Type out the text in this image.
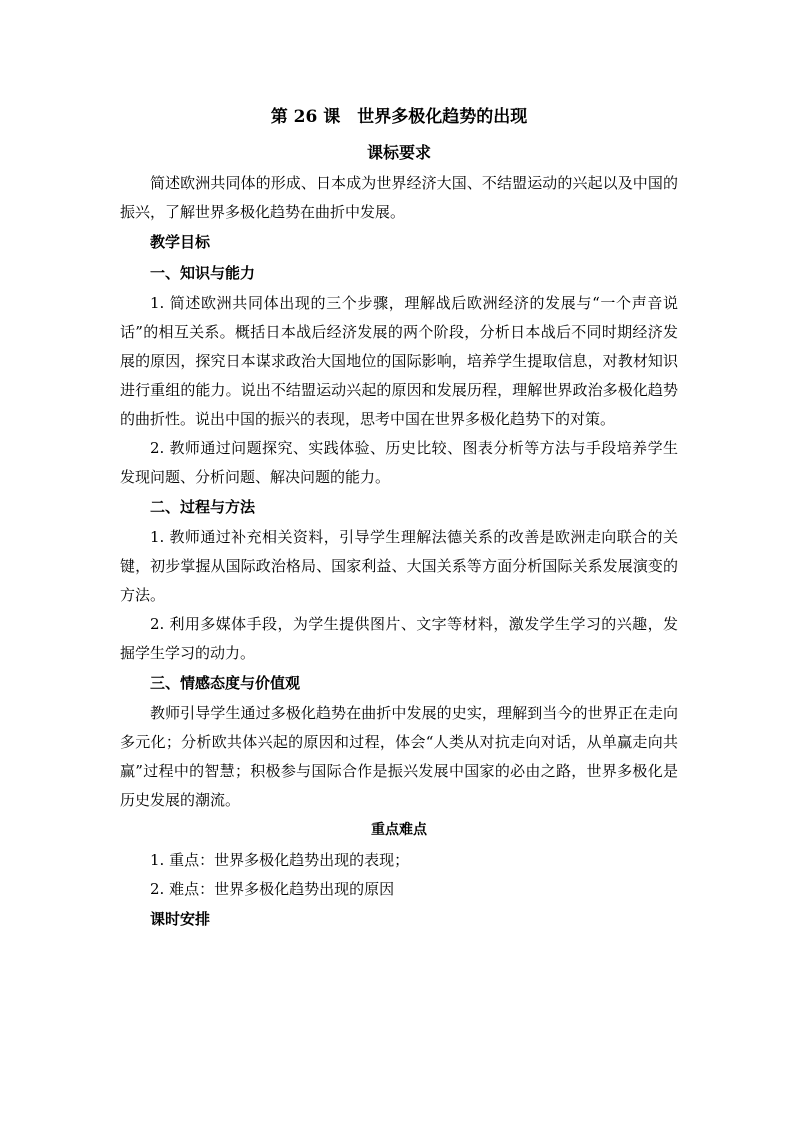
第 26 课　世界多极化趋势的出现
课标要求
简述欧洲共同体的形成、日本成为世界经济大国、不结盟运动的兴起以及中国的振兴，了解世界多极化趋势在曲折中发展。
教学目标
一、知识与能力
1. 简述欧洲共同体出现的三个步骤，理解战后欧洲经济的发展与“一个声音说话”的相互关系。概括日本战后经济发展的两个阶段，分析日本战后不同时期经济发展的原因，探究日本谋求政治大国地位的国际影响，培养学生提取信息，对教材知识进行重组的能力。说出不结盟运动兴起的原因和发展历程，理解世界政治多极化趋势的曲折性。说出中国的振兴的表现，思考中国在世界多极化趋势下的对策。
2. 教师通过问题探究、实践体验、历史比较、图表分析等方法与手段培养学生发现问题、分析问题、解决问题的能力。
二、过程与方法
1. 教师通过补充相关资料，引导学生理解法德关系的改善是欧洲走向联合的关键，初步掌握从国际政治格局、国家利益、大国关系等方面分析国际关系发展演变的方法。
2. 利用多媒体手段，为学生提供图片、文字等材料，激发学生学习的兴趣，发掘学生学习的动力。
三、情感态度与价值观
教师引导学生通过多极化趋势在曲折中发展的史实，理解到当今的世界正在走向多元化；分析欧共体兴起的原因和过程，体会“人类从对抗走向对话，从单赢走向共赢”过程中的智慧；积极参与国际合作是振兴发展中国家的必由之路，世界多极化是历史发展的潮流。
重点难点
1. 重点：世界多极化趋势出现的表现；
2. 难点：世界多极化趋势出现的原因
课时安排
